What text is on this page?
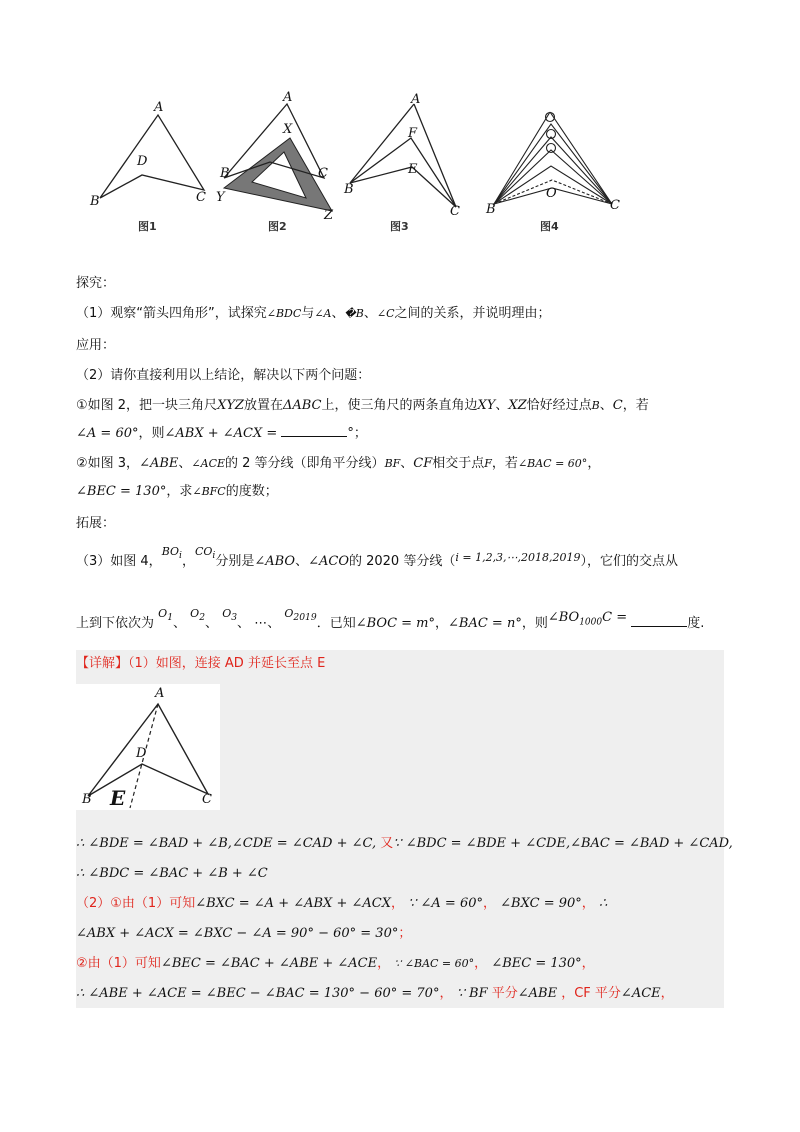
A
D
B	C
A
X
B	C
Y
Z
A
F
E
B
C B
O
C
图1	图2	图3	图4
探究：
（1）观察“箭头四角形”，试探究∠BDC与∠A、�B、∠C之间的关系，并说明理由；
应用：
（2）请你直接利用以上结论，解决以下两个问题：
①如图 2，把一块三角尺XYZ放置在ΔABC上，使三角尺的两条直角边XY、XZ恰好经过点B、C，若
∠A = 60°，则∠ABX + ∠ACX =	°；
②如图 3，∠ABE、∠ACE的 2 等分线（即角平分线）BF、CF相交于点F，若∠BAC = 60°，
∠BEC = 130°，求∠BFC的度数；
拓展：
（3）如图 4，$^{BO_i}$，$^{CO_i}$分别是∠ABO、∠ACO的 2020 等分线（$^{i = 1,2,3,\cdots,2018,2019}$），它们的交点从
上到下依次为 $^{O_1}$、 $^{O_2}$、 $^{O_3}$、 ⋯、 $^{O_{2019}}$．已知∠BOC = m°，∠BAC = n°，则$\angle BO_{1000}C$ =	度.
【详解】（1）如图，连接 AD 并延长至点 E
A
D
B E	C
∴ ∠BDE = ∠BAD + ∠B,∠CDE = ∠CAD + ∠C, 又∵ ∠BDC = ∠BDE + ∠CDE,∠BAC = ∠BAD + ∠CAD,
∴ ∠BDC = ∠BAC + ∠B + ∠C
（2）①由（1）可知∠BXC = ∠A + ∠ABX + ∠ACX， ∵ ∠A = 60°， ∠BXC = 90°， ∴
∠ABX + ∠ACX = ∠BXC − ∠A = 90° − 60° = 30°；
②由（1）可知∠BEC = ∠BAC + ∠ABE + ∠ACE， ∵ ∠BAC = 60°， ∠BEC = 130°，
∴ ∠ABE + ∠ACE = ∠BEC − ∠BAC = 130° − 60° = 70°， ∵ BF 平分∠ABE ，CF 平分∠ACE，
